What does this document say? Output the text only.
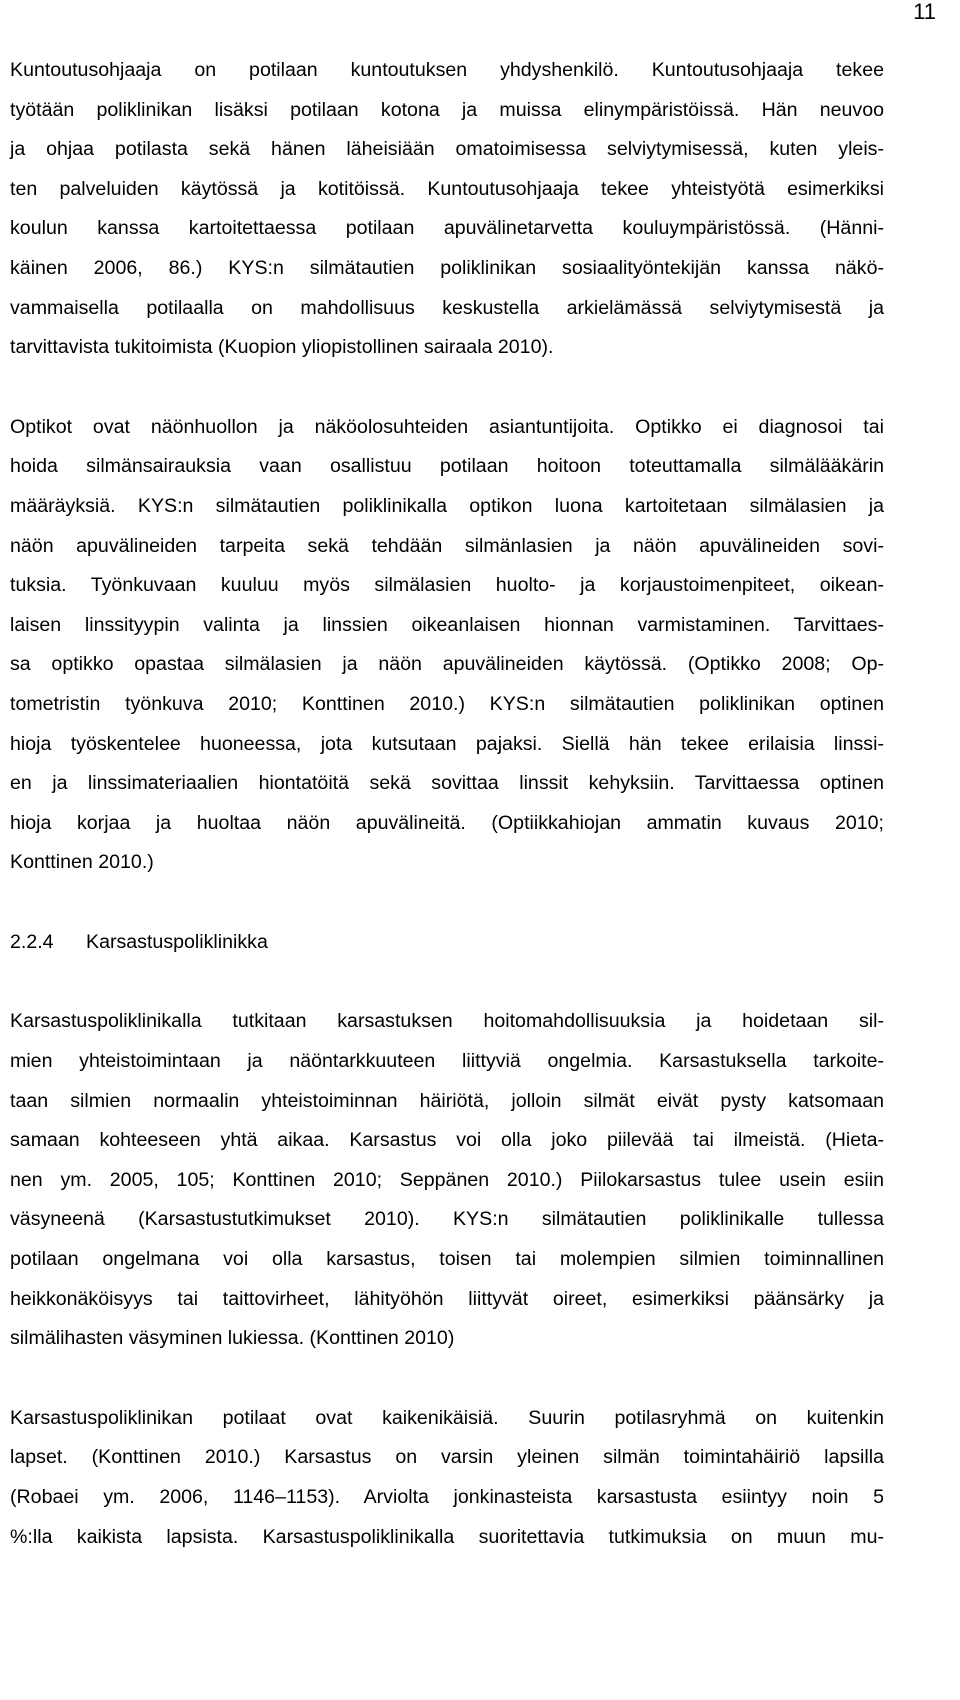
11

Kuntoutusohjaaja on potilaan kuntoutuksen yhdyshenkilö. Kuntoutusohjaaja tekee
työtään poliklinikan lisäksi potilaan kotona ja muissa elinympäristöissä. Hän neuvoo
ja ohjaa potilasta sekä hänen läheisiään omatoimisessa selviytymisessä, kuten yleis-
ten palveluiden käytössä ja kotitöissä. Kuntoutusohjaaja tekee yhteistyötä esimerkiksi
koulun kanssa kartoitettaessa potilaan apuvälinetarvetta kouluympäristössä. (Hänni-
käinen 2006, 86.) KYS:n silmätautien poliklinikan sosiaalityöntekijän kanssa näkö-
vammaisella potilaalla on mahdollisuus keskustella arkielämässä selviytymisestä ja
tarvittavista tukitoimista (Kuopion yliopistollinen sairaala 2010).

Optikot ovat näönhuollon ja näköolosuhteiden asiantuntijoita. Optikko ei diagnosoi tai
hoida silmänsairauksia vaan osallistuu potilaan hoitoon toteuttamalla silmälääkärin
määräyksiä. KYS:n silmätautien poliklinikalla optikon luona kartoitetaan silmälasien ja
näön apuvälineiden tarpeita sekä tehdään silmänlasien ja näön apuvälineiden sovi-
tuksia. Työnkuvaan kuuluu myös silmälasien huolto- ja korjaustoimenpiteet, oikean-
laisen linssityypin valinta ja linssien oikeanlaisen hionnan varmistaminen. Tarvittaes-
sa optikko opastaa silmälasien ja näön apuvälineiden käytössä. (Optikko 2008; Op-
tometristin työnkuva 2010; Konttinen 2010.) KYS:n silmätautien poliklinikan optinen
hioja työskentelee huoneessa, jota kutsutaan pajaksi. Siellä hän tekee erilaisia linssi-
en ja linssimateriaalien hiontatöitä sekä sovittaa linssit kehyksiin. Tarvittaessa optinen
hioja korjaa ja huoltaa näön apuvälineitä. (Optiikkahiojan ammatin kuvaus 2010;
Konttinen 2010.)

2.2.4 Karsastuspoliklinikka

Karsastuspoliklinikalla tutkitaan karsastuksen hoitomahdollisuuksia ja hoidetaan sil-
mien yhteistoimintaan ja näöntarkkuuteen liittyviä ongelmia. Karsastuksella tarkoite-
taan silmien normaalin yhteistoiminnan häiriötä, jolloin silmät eivät pysty katsomaan
samaan kohteeseen yhtä aikaa. Karsastus voi olla joko piilevää tai ilmeistä. (Hieta-
nen ym. 2005, 105; Konttinen 2010; Seppänen 2010.) Piilokarsastus tulee usein esiin
väsyneenä (Karsastustutkimukset 2010). KYS:n silmätautien poliklinikalle tullessa
potilaan ongelmana voi olla karsastus, toisen tai molempien silmien toiminnallinen
heikkonäköisyys tai taittovirheet, lähityöhön liittyvät oireet, esimerkiksi päänsärky ja
silmälihasten väsyminen lukiessa. (Konttinen 2010)

Karsastuspoliklinikan potilaat ovat kaikenikäisiä. Suurin potilasryhmä on kuitenkin
lapset. (Konttinen 2010.) Karsastus on varsin yleinen silmän toimintahäiriö lapsilla
(Robaei ym. 2006, 1146–1153). Arviolta jonkinasteista karsastusta esiintyy noin 5
%:lla kaikista lapsista. Karsastuspoliklinikalla suoritettavia tutkimuksia on muun mu-
